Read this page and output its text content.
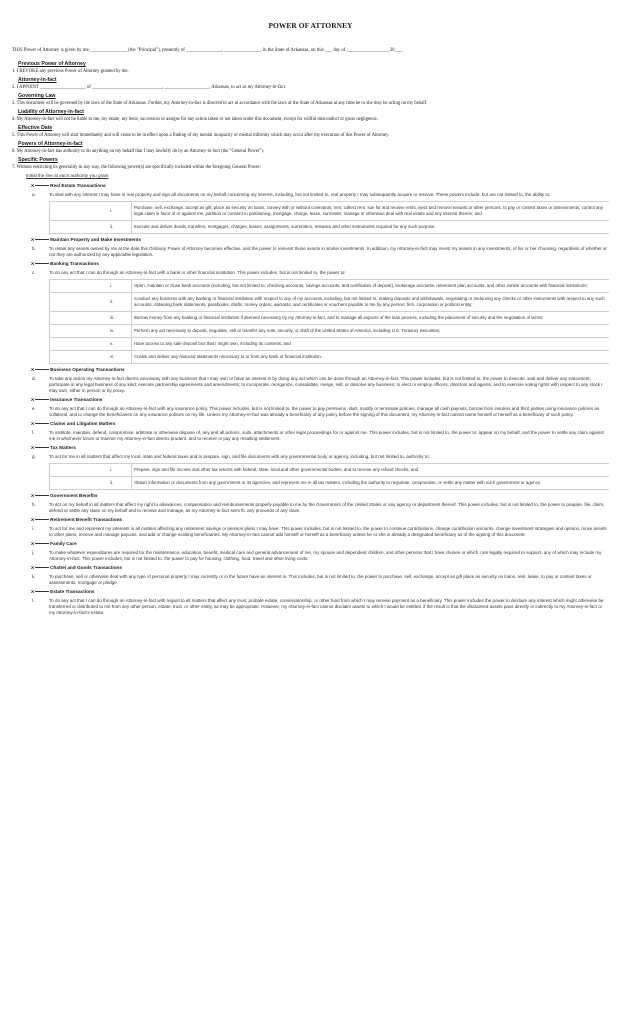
POWER OF ATTORNEY
THIS Power of Attorney is given by me, _______________ (the "Principal"), presently of _______________, _______________, in the State of Arkansas, on this ___ day of __________________20___.
Previous Power of Attorney
1. I REVOKE any previous Power of Attorney granted by me.
Attorney-in-fact
2. I APPOINT ___________________, of ______________________________, ___________________, Arkansas, to act as my Attorney-in-fact.
Governing Law
3. This document will be governed by the laws of the State of Arkansas. Further, my Attorney-in-fact is directed to act in accordance with the laws of the State of Arkansas at any time he or she may be acting on my behalf.
Liability of Attorney-in-fact
4. My Attorney-in-fact will not be liable to me, my estate, my heirs, successors or assigns for any action taken or not taken under this document, except for willful misconduct or gross negligence.
Effective Date
5. This Power of Attorney will start immediately and will cease to be in effect upon a finding of my mental incapacity or mental infirmity which may occur after my execution of this Power of Attorney.
Powers of Attorney-in-fact
6. My Attorney-in-fact has authority to do anything on my behalf that I may lawfully do by an Attorney-in-fact (the "General Power").
Specific Powers
7. Without restricting its generality in any way, the following power(s) are specifically included within the foregoing General Power:
Initial the line at each authority you grant
X	Real Estate Transactions
a.	To deal with any interest I may have in real property and sign all documents on my behalf concerning my interest, including, but not limited to, real property I may subsequently acquire or receive. These powers include, but are not limited to, the ability to:
i.	Purchase, sell, exchange, accept as gift, place as security on loans, convey with or without covenants, rent, collect rent, sue for and receive rents, eject and remove tenants or other persons; to pay or contest taxes or assessments, control any legal claim in favor of or against me, partition or consent to partitioning, mortgage, charge, lease, surrender, manage or otherwise deal with real estate and any interest therein; and
ii.	Execute and deliver deeds, transfers, mortgages, charges, leases, assignments, surrenders, releases and other instruments required for any such purpose.
X	Maintain Property and Make Investments
b.	To retain any assets owned by me at the date this Ordinary Power of Attorney becomes effective, and the power to reinvest those assets in similar investments. In addition, my Attorney-in-fact may invest my assets in any investments, of his or her choosing, regardless of whether or not they are authorized by any applicable legislation.
X	Banking Transactions
c.	To do any act that I can do through an Attorney-in-fact with a bank or other financial institution. This power includes, but is not limited to, the power to:
i.	Open, maintain or close bank accounts (including, but not limited to, checking accounts, savings accounts, and certificates of deposit), brokerage accounts, retirement plan accounts, and other similar accounts with financial institutions;
ii.	Conduct any business with any banking or financial institution with respect to any of my accounts, including, but not limited to, making deposits and withdrawals, negotiating or endorsing any checks or other instruments with respect to any such accounts, obtaining bank statements, passbooks, drafts, money orders, warrants, and certificates or vouchers payable to me by any person, firm, corporation or political entity;
iii.	Borrow money from any banking or financial institution if deemed necessary by my Attorney-in-fact, and to manage all aspects of the loan process, including the placement of security and the negotiation of terms;
iv.	Perform any act necessary to deposit, negotiate, sell or transfer any note, security, or draft of the United States of America, including U.S. Treasury Securities;
v.	Have access to any safe deposit box that I might own, including its contents; and
vi.	Create and deliver any financial statements necessary to or from any bank or financial institution.
X	Business Operating Transactions
d.	To take any action my Attorney-in-fact deems necessary with any business that I may own or have an interest in by doing any act which can be done through an Attorney-in-fact. This power includes, but is not limited to, the power to execute, seal and deliver any instrument; participate in any legal business of any kind; execute partnership agreements and amendments; to incorporate, reorganize, consolidate, merge, sell, or dissolve any business; to elect or employ officers, directors and agents; and to exercise voting rights with respect to any stock I may own, either in person or by proxy.
X	Insurance Transactions
e.	To do any act that I can do through an Attorney-in-fact with any insurance policy. This power includes, but is not limited to, the power to pay premiums, start, modify or terminate policies, manage all cash payouts, borrow from insurers and third parties using insurance policies as collateral, and to change the beneficiaries on any insurance policies on my life. Unless my Attorney-in-fact was already a beneficiary of any policy before the signing of this document, my Attorney-in-fact cannot name himself or herself as a beneficiary of such policy.
X	Claims and Litigation Matters
f.	To institute, maintain, defend, compromise, arbitrate or otherwise dispose of, any and all actions, suits, attachments or other legal proceedings for or against me. This power includes, but is not limited to, the power to: appear on my behalf, and the power to settle any claim against me in whichever forum or manner my Attorney-in-fact deems prudent, and to receive or pay any resulting settlement.
X	Tax Matters
g.	To act for me in all matters that affect my local, state and federal taxes and to prepare, sign, and file documents with any governmental body or agency, including, but not limited to, authority to:
i.	Prepare, sign and file income and other tax returns with federal, state, local and other governmental bodies, and to receive any refund checks; and
ii.	Obtain information or documents from any government or its agencies, and represent me in all tax matters, including the authority to negotiate, compromise, or settle any matter with such government or agency.
X	Government Benefits
h.	To act on my behalf in all matters that affect my right to allowances, compensation and reimbursements properly payable to me by the Government of the United States or any agency or department thereof. This power includes, but is not limited to, the power to prepare, file, claim, defend or settle any claim on my behalf and to receive and manage, as my Attorney-in-fact sees fit, any proceeds of any claim.
X	Retirement Benefit Transactions
i.	To act for me and represent my interests in all matters affecting any retirement savings or pension plans I may have. This power includes, but is not limited to, the power to continue contributions, change contribution amounts, change investment strategies and options, move assets to other plans, receive and manage payouts, and add or change existing beneficiaries. My Attorney-in-fact cannot add himself or herself as a beneficiary unless he or she is already a designated beneficiary as of the signing of this document.
X	Family Care
j.	To make whatever expenditures are required for the maintenance, education, benefit, medical care and general advancement of me, my spouse and dependent children, and other persons that I have chosen or which I am legally required to support, any of which may include my Attorney-in-fact. This power includes, but is not limited to, the power to pay for housing, clothing, food, travel and other living costs.
X	Chattel and Goods Transactions
k.	To purchase, sell or otherwise deal with any type of personal property I may currently or in the future have an interest in. This includes, but is not limited to, the power to purchase, sell, exchange, accept as gift place as security on loans, rent, lease, to pay or contest taxes or assessments, mortgage or pledge.
X	Estate Transactions
l.	To do any act that I can do through an Attorney-in-fact with regard to all matters that affect any trust, probate estate, conservatorship, or other fund from which I may receive payment as a beneficiary. This power includes the power to disclaim any interest which might otherwise be transferred or distributed to me from any other person, estate, trust, or other entity, as may be appropriate. However, my Attorney-in-fact cannot disclaim assets to which I would be entitled, if the result is that the disclaimed assets pass directly or indirectly to my Attorney-in-fact or my Attorney-in-fact's estate.
